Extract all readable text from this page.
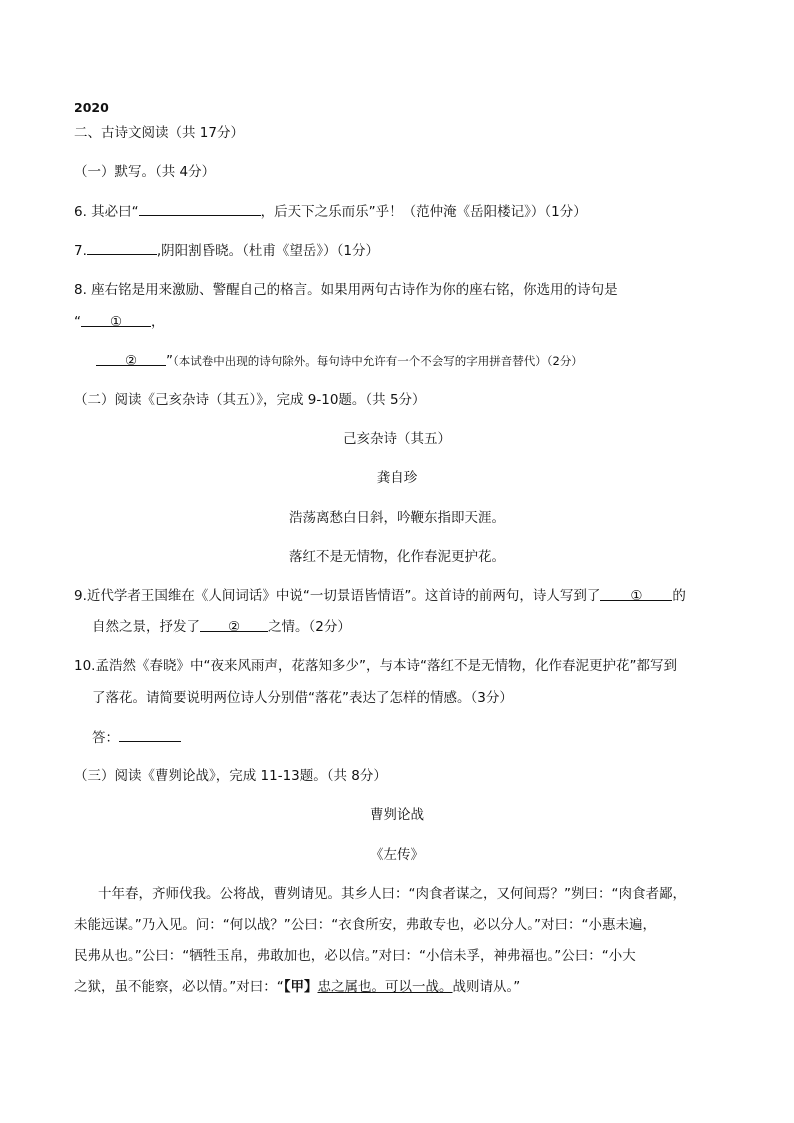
2020
二、古诗文阅读（共 17分）
（一）默写。（共 4分）
6. 其必曰“	，后天下之乐而乐”乎！（范仲淹《岳阳楼记》）（1分）
7.	,阴阳割昏晓。（杜甫《望岳》）（1分）
8. 座右铭是用来激励、警醒自己的格言。如果用两句古诗作为你的座右铭，你选用的诗句是
“ ① ，
② ”（本试卷中出现的诗句除外。每句诗中允许有一个不会写的字用拼音替代）（2分）
（二）阅读《己亥杂诗（其五）》，完成 9-10题。（共 5分）
己亥杂诗（其五）
龚自珍
浩荡离愁白日斜，吟鞭东指即天涯。
落红不是无情物，化作春泥更护花。
9.近代学者王国维在《人间词话》中说“一切景语皆情语”。这首诗的前两句，诗人写到了 ① 的
自然之景，抒发了 ② 之情。（2分）
10.孟浩然《春晓》中“夜来风雨声，花落知多少”，与本诗“落红不是无情物，化作春泥更护花”都写到
了落花。请简要说明两位诗人分别借“落花”表达了怎样的情感。（3分）
答：
（三）阅读《曹刿论战》，完成 11-13题。（共 8分）
曹刿论战
《左传》
十年春，齐师伐我。公将战，曹刿请见。其乡人曰：“肉食者谋之，又何间焉？”刿曰：“肉食者鄙，
未能远谋。”乃入见。问：“何以战？”公曰：“衣食所安，弗敢专也，必以分人。”对曰：“小惠未遍，
民弗从也。”公曰：“牺牲玉帛，弗敢加也，必以信。”对曰：“小信未孚，神弗福也。”公曰：“小大
之狱，虽不能察，必以情。”对曰：“【甲】忠之属也。可以一战。战则请从。”
